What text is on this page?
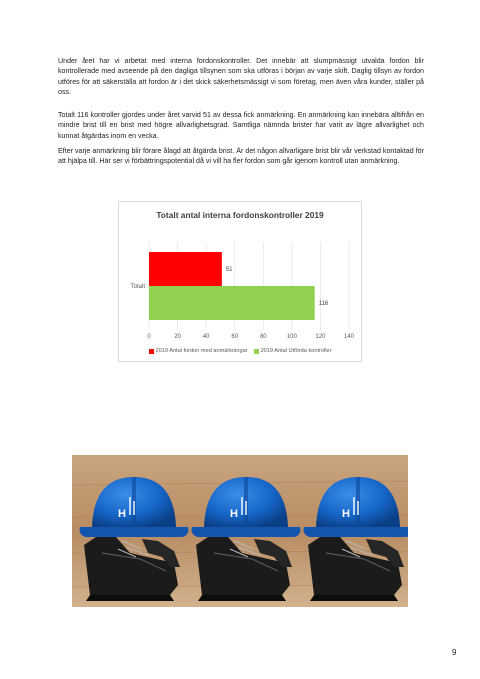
Under året har vi arbetat med interna fordonskontroller. Det innebär att slumpmässigt utvalda fordon blir kontrollerade med avseende på den dagliga tillsynen som ska utföras i början av varje skift. Daglig tillsyn av fordon utföres för att säkerställa att fordon är i det skick säkerhetsmässigt vi som företag, men även våra kunder, ställer på oss.

Totalt 116 kontroller gjordes under året varvid 51 av dessa fick anmärkning. En anmärkning kan innebära alltifrån en mindre brist till en brist med högre allvarlighetsgrad. Samtliga nämnda brister har varit av lägre allvarlighet och kunnat åtgärdas inom en vecka.

Efter varje anmärkning blir förare ålagd att åtgärda brist. Är det någon allvarligare brist blir vår verkstad kontaktad för att hjälpa till. Här ser vi förbättringspotential då vi vill ha fler fordon som går igenom kontroll utan anmärkning.

Totalt antal interna fordonskontroller 2019
0	20	40	60	80	100	120	140
51
116
Totalt
2019 Antal fordon med anmärkningar 2019 Antal Utförda kontroller
9
